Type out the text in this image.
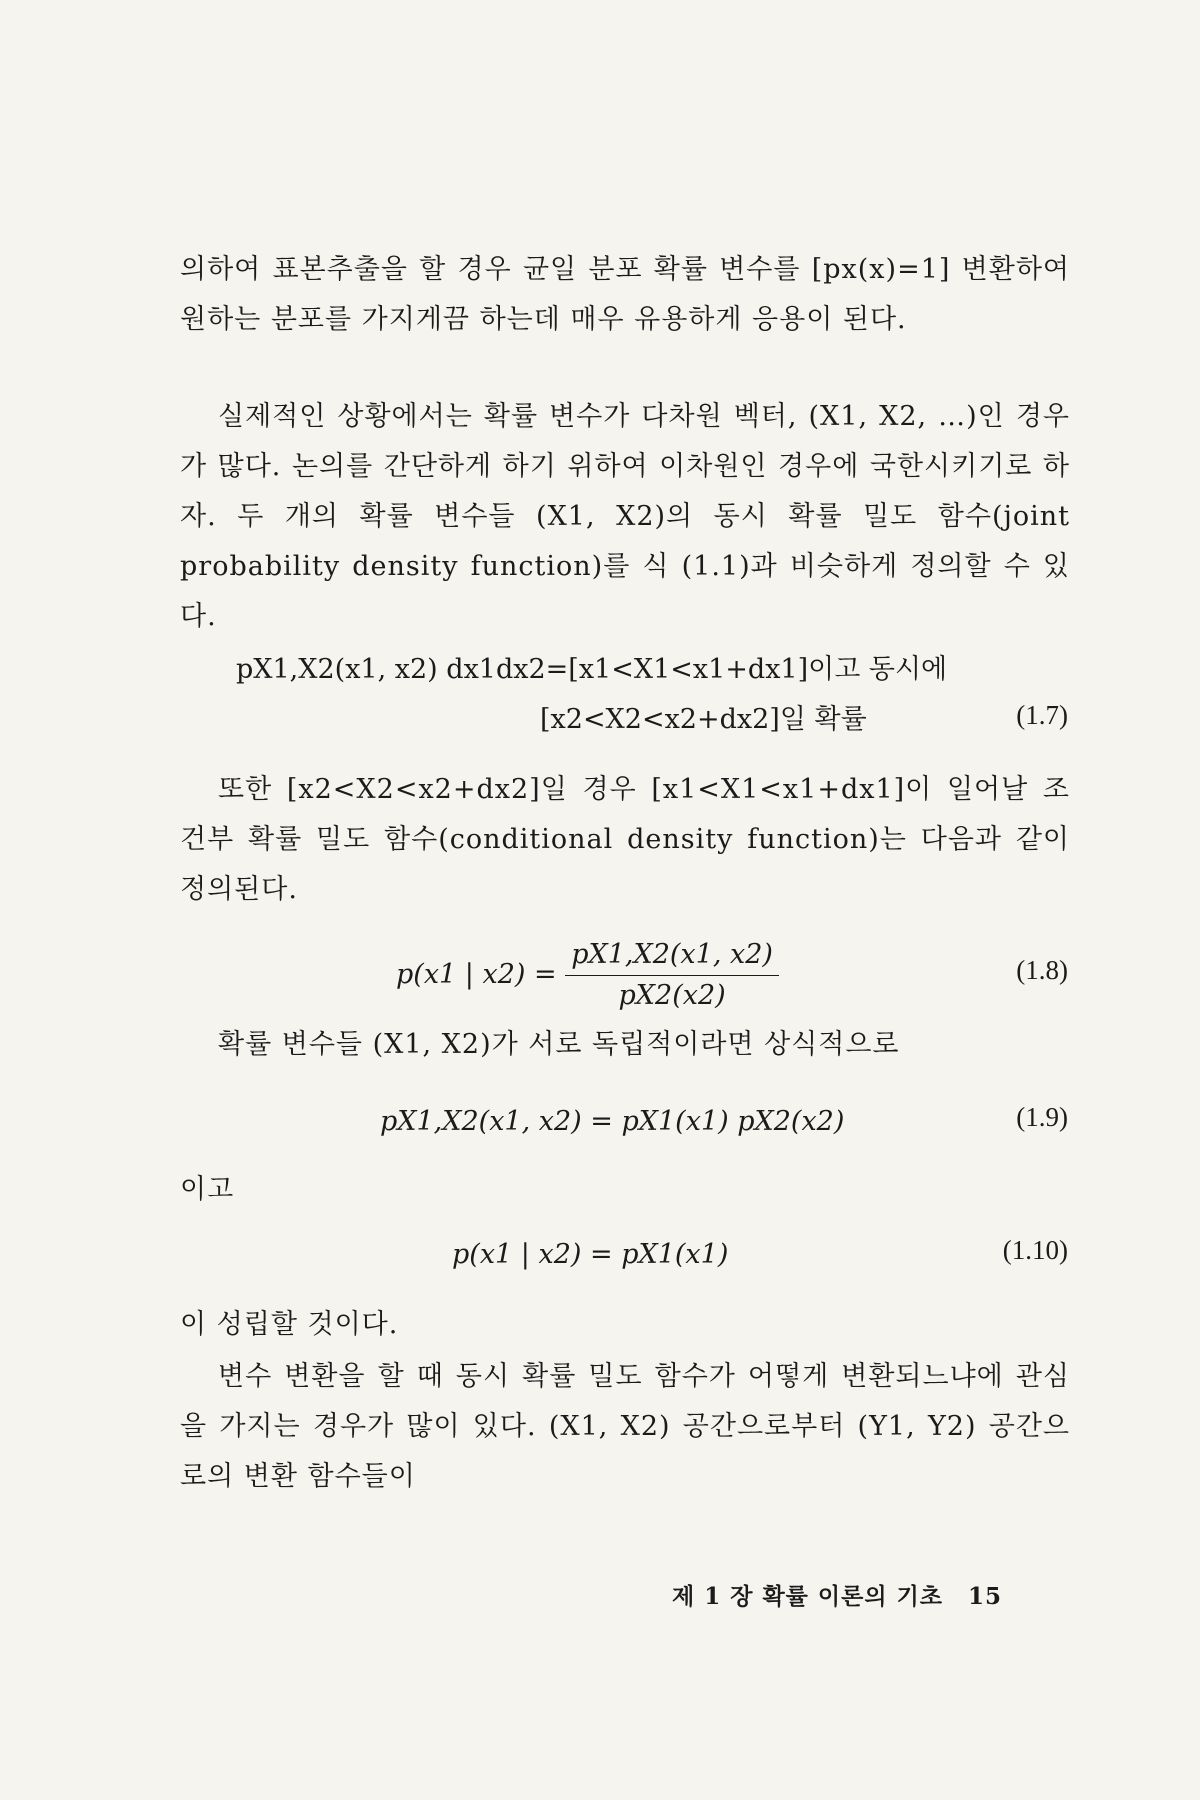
의하여 표본추출을 할 경우 균일 분포 확률 변수를 [px(x)=1] 변환하여 원하는 분포를 가지게끔 하는데 매우 유용하게 응용이 된다.
실제적인 상황에서는 확률 변수가 다차원 벡터, (X1, X2, …)인 경우가 많다. 논의를 간단하게 하기 위하여 이차원인 경우에 국한시키기로 하자. 두 개의 확률 변수들 (X1, X2)의 동시 확률 밀도 함수(joint probability density function)를 식 (1.1)과 비슷하게 정의할 수 있다.
pX1,X2(x1, x2) dx1dx2=[x1<X1<x1+dx1]이고 동시에
[x2<X2<x2+dx2]일 확률	(1.7)
또한 [x2<X2<x2+dx2]일 경우 [x1<X1<x1+dx1]이 일어날 조건부 확률 밀도 함수(conditional density function)는 다음과 같이 정의된다.
p(x1 | $x2) = \frac{pX1,X2(x1, x2)}{pX2(x2)}$	(1.8)
확률 변수들 (X1, X2)가 서로 독립적이라면 상식적으로
pX1,X2(x1, x2) = pX1(x1) pX2(x2)	(1.9)
이고
p(x1 | x2) = pX1(x1)	(1.10)
이 성립할 것이다.
변수 변환을 할 때 동시 확률 밀도 함수가 어떻게 변환되느냐에 관심을 가지는 경우가 많이 있다. (X1, X2) 공간으로부터 (Y1, Y2) 공간으로의 변환 함수들이
제 1 장 확률 이론의 기초 15
